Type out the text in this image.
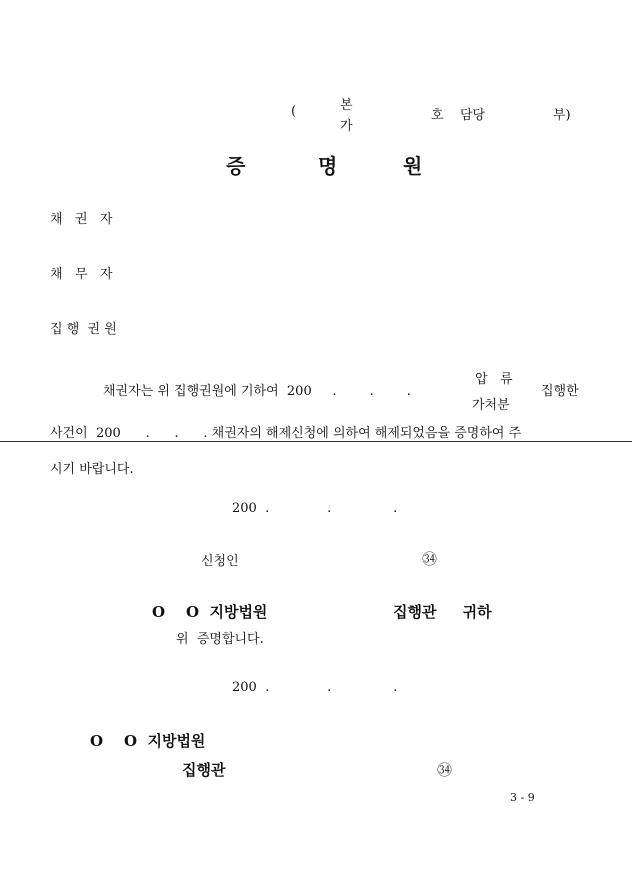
(	본
가
호 담당	부)
증	명	원
채   권   자
채   무   자
집 행  권 원
채권자는 위 집행권원에 기하여  200     .        .        .
압   류
가처분
집행한
사건이  200      .      .      . 채권자의 해제신청에 의하여 해제되었음을 증명하여 주
시기 바랍니다.
200  .              .               .
신청인	㉞
O    O  지방법원	집행관     귀하
위  증명합니다.
200  .              .               .
O    O  지방법원
집행관	㉞
3 - 9
